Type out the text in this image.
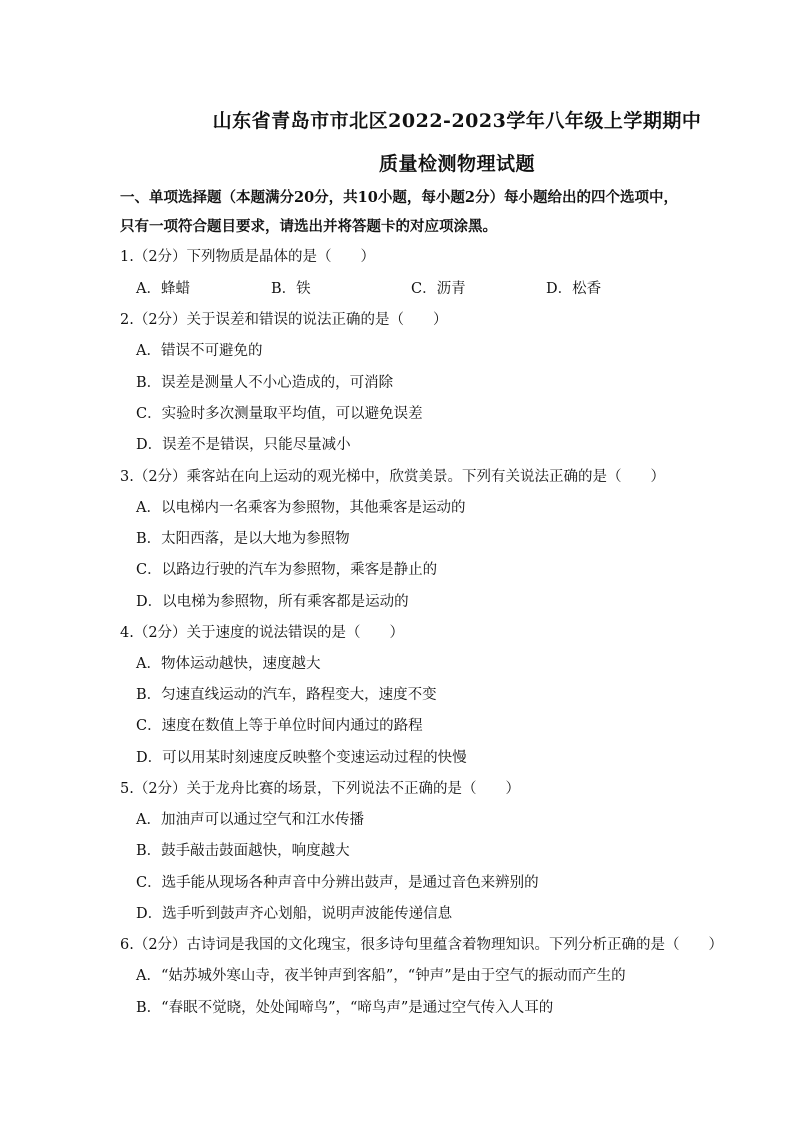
山东省青岛市市北区2022-2023学年八年级上学期期中
质量检测物理试题
一、单项选择题（本题满分20分，共10小题，每小题2分）每小题给出的四个选项中，只有一项符合题目要求，请选出并将答题卡的对应项涂黑。
1.（2分）下列物质是晶体的是（　　）
A．蜂蜡	B．铁	C．沥青	D．松香
2.（2分）关于误差和错误的说法正确的是（　　）
A．错误不可避免的
B．误差是测量人不小心造成的，可消除
C．实验时多次测量取平均值，可以避免误差
D．误差不是错误，只能尽量减小
3.（2分）乘客站在向上运动的观光梯中，欣赏美景。下列有关说法正确的是（　　）
A．以电梯内一名乘客为参照物，其他乘客是运动的
B．太阳西落，是以大地为参照物
C．以路边行驶的汽车为参照物，乘客是静止的
D．以电梯为参照物，所有乘客都是运动的
4.（2分）关于速度的说法错误的是（　　）
A．物体运动越快，速度越大
B．匀速直线运动的汽车，路程变大，速度不变
C．速度在数值上等于单位时间内通过的路程
D．可以用某时刻速度反映整个变速运动过程的快慢
5.（2分）关于龙舟比赛的场景，下列说法不正确的是（　　）
A．加油声可以通过空气和江水传播
B．鼓手敲击鼓面越快，响度越大
C．选手能从现场各种声音中分辨出鼓声，是通过音色来辨别的
D．选手听到鼓声齐心划船，说明声波能传递信息
6.（2分）古诗词是我国的文化瑰宝，很多诗句里蕴含着物理知识。下列分析正确的是（　　）
A．“姑苏城外寒山寺，夜半钟声到客船”，“钟声”是由于空气的振动而产生的
B．“春眠不觉晓，处处闻啼鸟”，“啼鸟声”是通过空气传入人耳的
